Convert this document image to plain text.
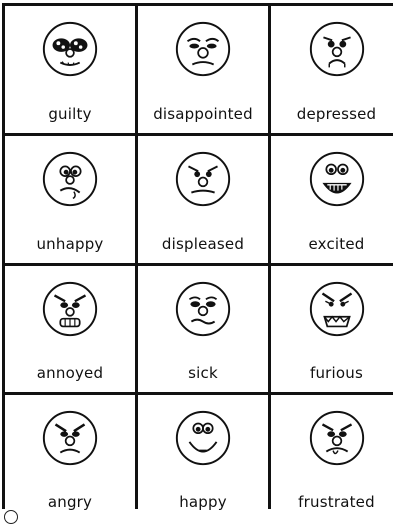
guilty	disappointed	depressed
unhappy	displeased	excited
annoyed	sick	furious
angry	happy	frustrated
